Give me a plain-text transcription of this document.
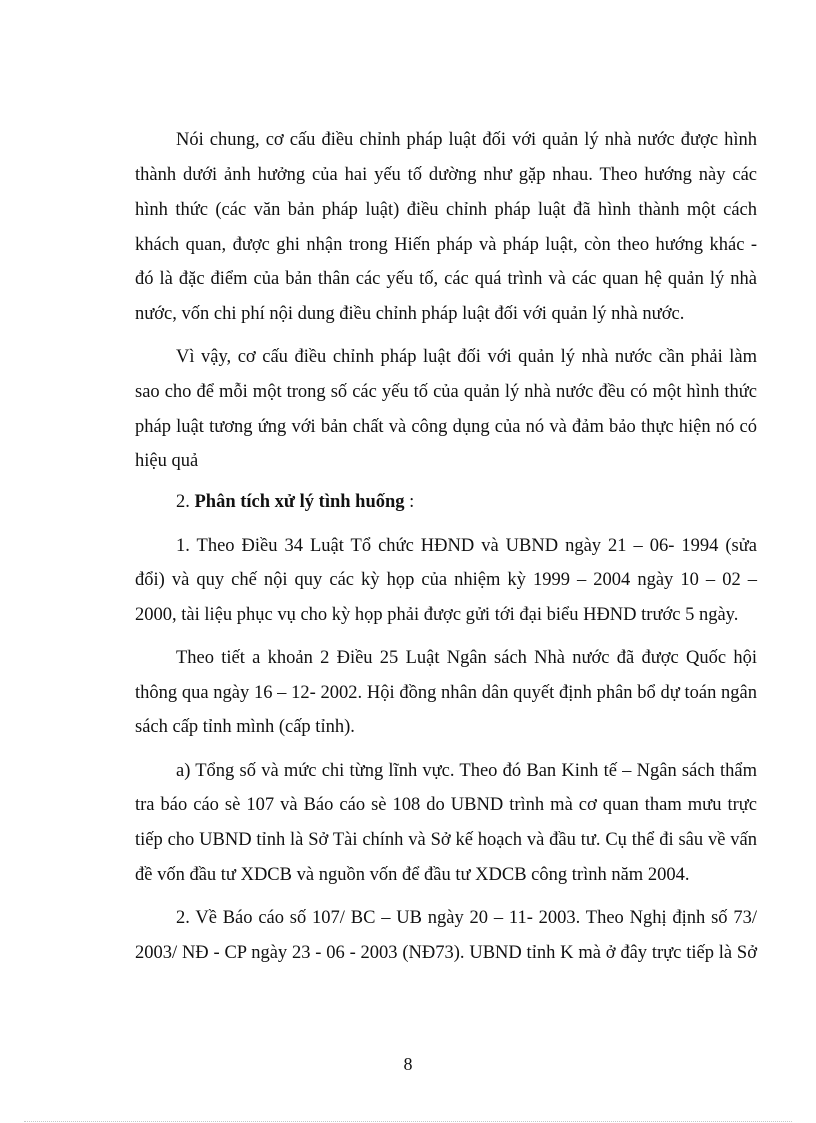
Nói chung, cơ cấu điều chỉnh pháp luật đối với quản lý nhà nước được hình
thành dưới ảnh hưởng của hai yếu tố dường như gặp nhau. Theo hướng này các
hình thức (các văn bản pháp luật) điều chỉnh pháp luật đã hình thành một cách
khách quan, được ghi nhận trong Hiến pháp và pháp luật, còn theo hướng khác -
đó là đặc điểm của bản thân các yếu tố, các quá trình và các quan hệ quản lý nhà
nước, vốn chi phí nội dung điều chỉnh pháp luật đối với quản lý nhà nước.
Vì vậy, cơ cấu điều chỉnh pháp luật đối với quản lý nhà nước cần phải làm
sao cho để mỗi một trong số các yếu tố của quản lý nhà nước đều có một hình thức
pháp luật tương ứng với bản chất và công dụng của nó và đảm bảo thực hiện nó có
hiệu quả
2. Phân tích xử lý tình huống :
1. Theo Điều 34 Luật Tổ chức HĐND và UBND ngày 21 – 06- 1994 (sửa
đổi) và quy chế nội quy các kỳ họp của nhiệm kỳ 1999 – 2004 ngày 10 – 02 –
2000, tài liệu phục vụ cho kỳ họp phải được gửi tới đại biểu HĐND trước 5 ngày.
Theo tiết a khoản 2 Điều 25 Luật Ngân sách Nhà nước đã được Quốc hội
thông qua ngày 16 – 12- 2002. Hội đồng nhân dân quyết định phân bổ dự toán ngân
sách cấp tỉnh mình (cấp tỉnh).
a) Tổng số và mức chi từng lĩnh vực. Theo đó Ban Kinh tế – Ngân sách thẩm
tra báo cáo sè 107 và Báo cáo sè 108 do UBND trình mà cơ quan tham mưu trực
tiếp cho UBND tỉnh là Sở Tài chính và Sở kế hoạch và đầu tư. Cụ thể đi sâu về vấn
đề vốn đầu tư XDCB và nguồn vốn để đầu tư XDCB công trình năm 2004.
2. Về Báo cáo số 107/ BC – UB ngày 20 – 11- 2003. Theo Nghị định số 73/
2003/ NĐ - CP ngày 23 - 06 - 2003 (NĐ73). UBND tỉnh K mà ở đây trực tiếp là Sở
8
